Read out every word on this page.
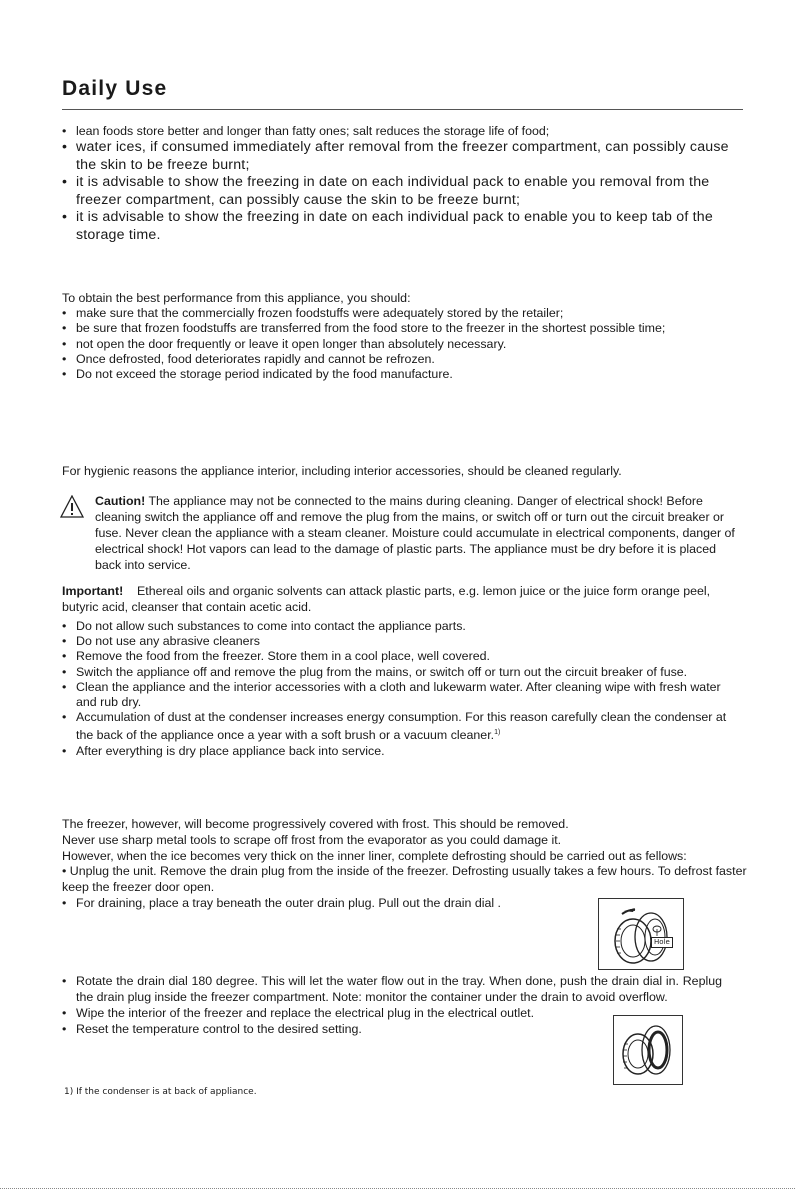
Daily Use
• lean foods store better and longer than fatty ones; salt reduces the storage life of food;
• water ices, if consumed immediately after removal from the freezer compartment, can possibly cause the skin to be freeze burnt;
• it is advisable to show the freezing in date on each individual pack to enable you removal from the freezer compartment, can possibly cause the skin to be freeze burnt;
• it is advisable to show the freezing in date on each individual pack to enable you to keep tab of the storage time.

To obtain the best performance from this appliance, you should:

• make sure that the commercially frozen foodstuffs were adequately stored by the retailer;
• be sure that frozen foodstuffs are transferred from the food store to the freezer in the shortest possible time;
• not open the door frequently or leave it open longer than absolutely necessary.
• Once defrosted, food deteriorates rapidly and cannot be refrozen.
• Do not exceed the storage period indicated by the food manufacture.

For hygienic reasons the appliance interior, including interior accessories, should be cleaned regularly.

Caution! The appliance may not be connected to the mains during cleaning. Danger of electrical shock! Before cleaning switch the appliance off and remove the plug from the mains, or switch off or turn out the circuit breaker or fuse. Never clean the appliance with a steam cleaner. Moisture could accumulate in electrical components, danger of electrical shock! Hot vapors can lead to the damage of plastic parts. The appliance must be dry before it is placed back into service.
Important!    Ethereal oils and organic solvents can attack plastic parts, e.g. lemon juice or the juice form orange peel, butyric acid, cleanser that contain acetic acid.
• Do not allow such substances to come into contact the appliance parts.
• Do not use any abrasive cleaners
• Remove the food from the freezer. Store them in a cool place, well covered.
• Switch the appliance off and remove the plug from the mains, or switch off or turn out the circuit breaker of fuse.
• Clean the appliance and the interior accessories with a cloth and lukewarm water. After cleaning wipe with fresh water and rub dry.
• Accumulation of dust at the condenser increases energy consumption. For this reason carefully clean the condenser at the back of the appliance once a year with a soft brush or a vacuum cleaner.$^{1)}$
• After everything is dry place appliance back into service.

The freezer, however, will become progressively covered with frost. This should be removed.

Never use sharp metal tools to scrape off frost from the evaporator as you could damage it.

However, when the ice becomes very thick on the inner liner, complete defrosting should be carried out as fellows:

• Unplug the unit. Remove the drain plug from the inside of the freezer. Defrosting usually takes a few hours. To defrost faster keep the freezer door open.

• For draining, place a tray beneath the outer drain plug. Pull out the drain dial .
• Rotate the drain dial 180 degree. This will let the water flow out in the tray. When done, push the drain dial in. Replug the drain plug inside the freezer compartment. Note: monitor the container under the drain to avoid overflow.
• Wipe the interior of the freezer and replace the electrical plug in the electrical outlet.
• Reset the temperature control to the desired setting.
Hole
1) If the condenser is at back of appliance.
